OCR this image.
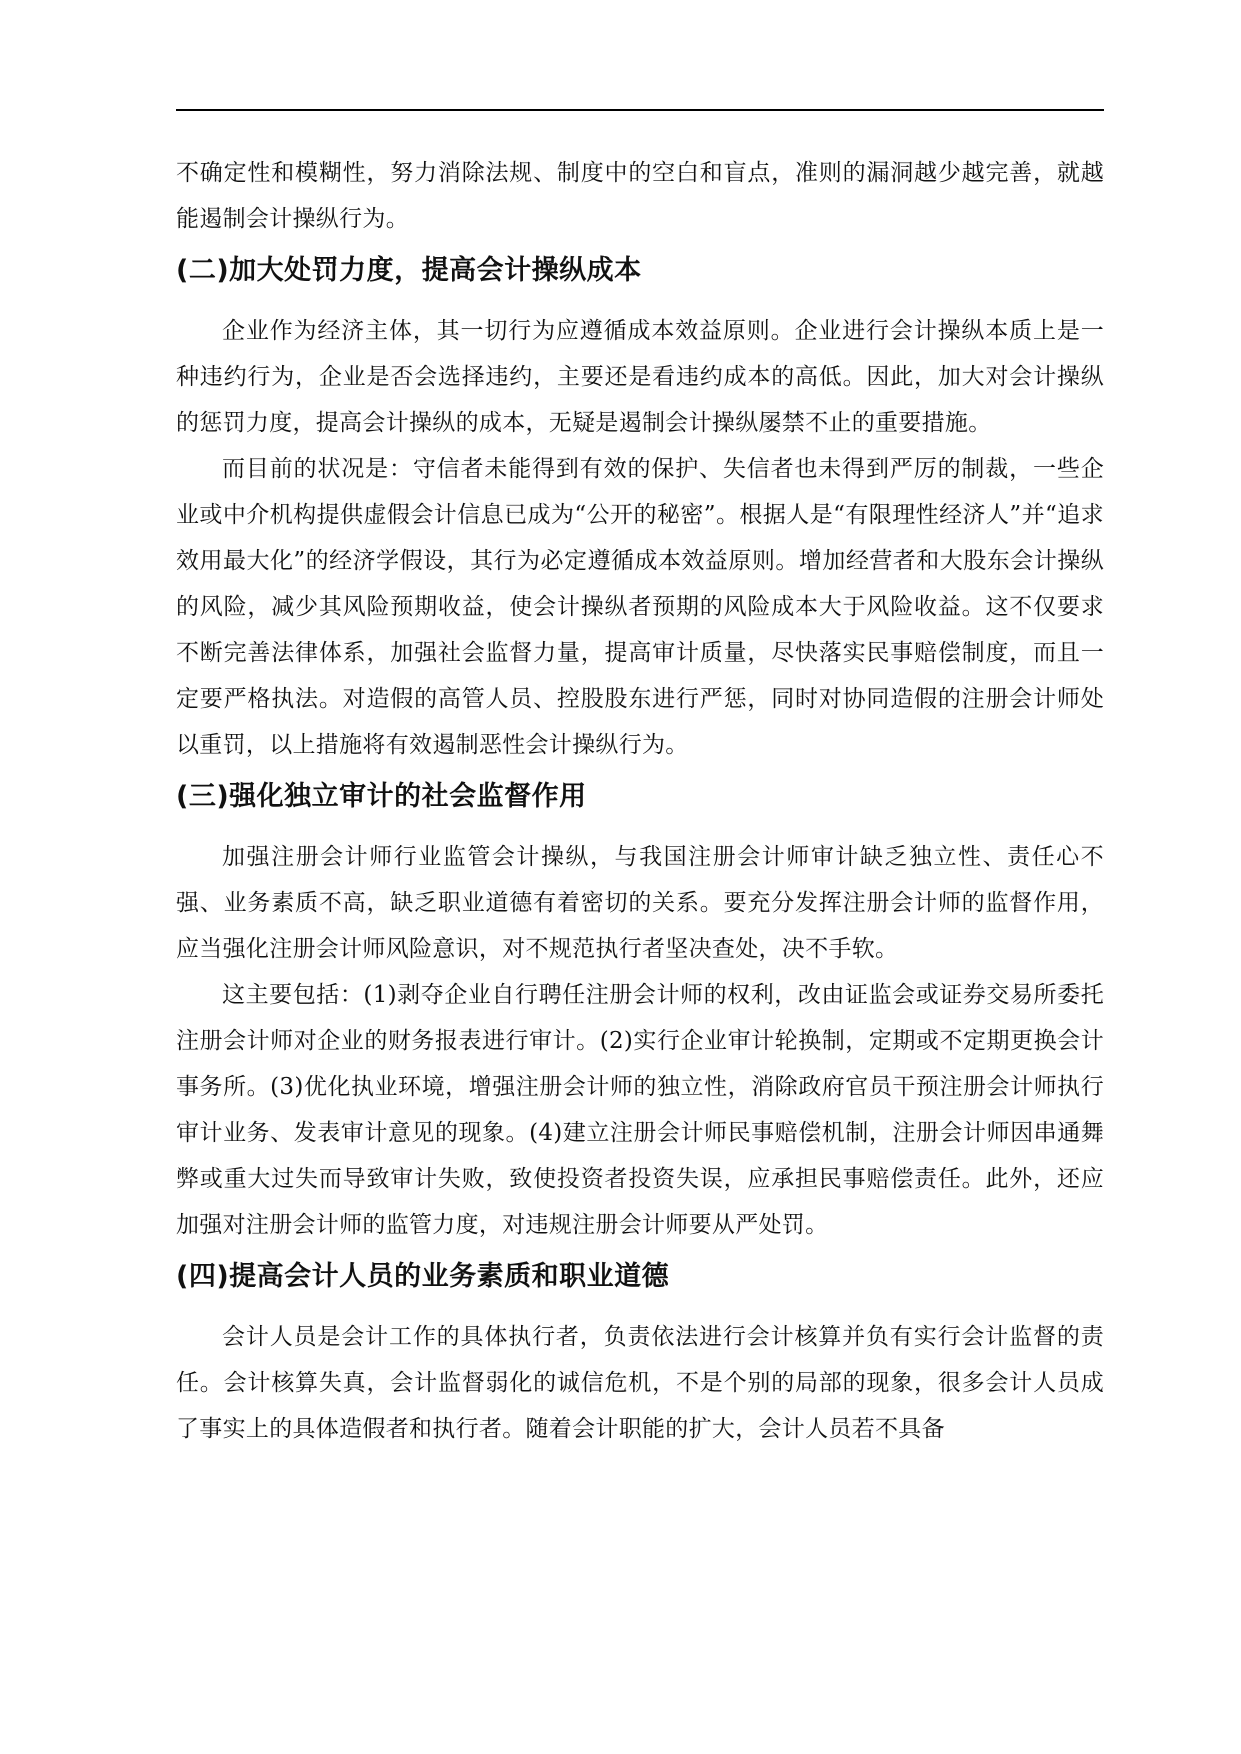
不确定性和模糊性，努力消除法规、制度中的空白和盲点，准则的漏洞越少越完善，就越能遏制会计操纵行为。

(二)加大处罚力度，提高会计操纵成本

企业作为经济主体，其一切行为应遵循成本效益原则。企业进行会计操纵本质上是一种违约行为，企业是否会选择违约，主要还是看违约成本的高低。因此，加大对会计操纵的惩罚力度，提高会计操纵的成本，无疑是遏制会计操纵屡禁不止的重要措施。

而目前的状况是：守信者未能得到有效的保护、失信者也未得到严厉的制裁，一些企业或中介机构提供虚假会计信息已成为“公开的秘密”。根据人是“有限理性经济人”并“追求效用最大化”的经济学假设，其行为必定遵循成本效益原则。增加经营者和大股东会计操纵的风险，减少其风险预期收益，使会计操纵者预期的风险成本大于风险收益。这不仅要求不断完善法律体系，加强社会监督力量，提高审计质量，尽快落实民事赔偿制度，而且一定要严格执法。对造假的高管人员、控股股东进行严惩，同时对协同造假的注册会计师处以重罚，以上措施将有效遏制恶性会计操纵行为。

(三)强化独立审计的社会监督作用

加强注册会计师行业监管会计操纵，与我国注册会计师审计缺乏独立性、责任心不强、业务素质不高，缺乏职业道德有着密切的关系。要充分发挥注册会计师的监督作用，应当强化注册会计师风险意识，对不规范执行者坚决查处，决不手软。

这主要包括：(1)剥夺企业自行聘任注册会计师的权利，改由证监会或证券交易所委托注册会计师对企业的财务报表进行审计。(2)实行企业审计轮换制，定期或不定期更换会计事务所。(3)优化执业环境，增强注册会计师的独立性，消除政府官员干预注册会计师执行审计业务、发表审计意见的现象。(4)建立注册会计师民事赔偿机制，注册会计师因串通舞弊或重大过失而导致审计失败，致使投资者投资失误，应承担民事赔偿责任。此外，还应加强对注册会计师的监管力度，对违规注册会计师要从严处罚。

(四)提高会计人员的业务素质和职业道德

会计人员是会计工作的具体执行者，负责依法进行会计核算并负有实行会计监督的责任。会计核算失真，会计监督弱化的诚信危机，不是个别的局部的现象，很多会计人员成了事实上的具体造假者和执行者。随着会计职能的扩大，会计人员若不具备
